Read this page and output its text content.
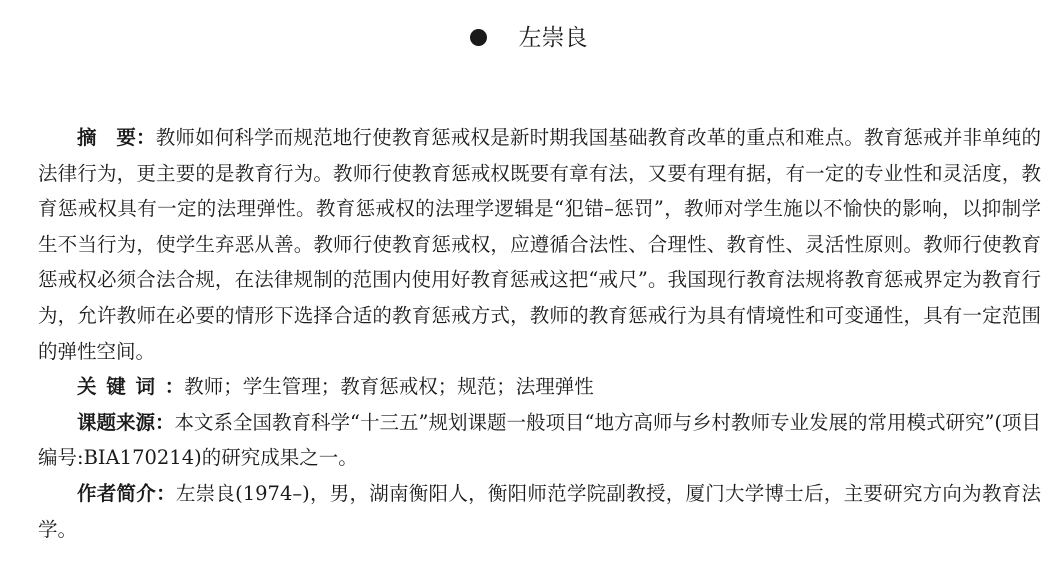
左崇良

摘　要：教师如何科学而规范地行使教育惩戒权是新时期我国基础教育改革的重点和难点。教育惩戒并非单纯的法律行为，更主要的是教育行为。教师行使教育惩戒权既要有章有法，又要有理有据，有一定的专业性和灵活度，教育惩戒权具有一定的法理弹性。教育惩戒权的法理学逻辑是“犯错–惩罚”，教师对学生施以不愉快的影响，以抑制学生不当行为，使学生弃恶从善。教师行使教育惩戒权，应遵循合法性、合理性、教育性、灵活性原则。教师行使教育惩戒权必须合法合规，在法律规制的范围内使用好教育惩戒这把“戒尺”。我国现行教育法规将教育惩戒界定为教育行为，允许教师在必要的情形下选择合适的教育惩戒方式，教师的教育惩戒行为具有情境性和可变通性，具有一定范围的弹性空间。

关键词：教师；学生管理；教育惩戒权；规范；法理弹性

课题来源：本文系全国教育科学“十三五”规划课题一般项目“地方高师与乡村教师专业发展的常用模式研究”(项目编号:BIA170214)的研究成果之一。

作者简介：左崇良(1974–)，男，湖南衡阳人，衡阳师范学院副教授，厦门大学博士后，主要研究方向为教育法学。
